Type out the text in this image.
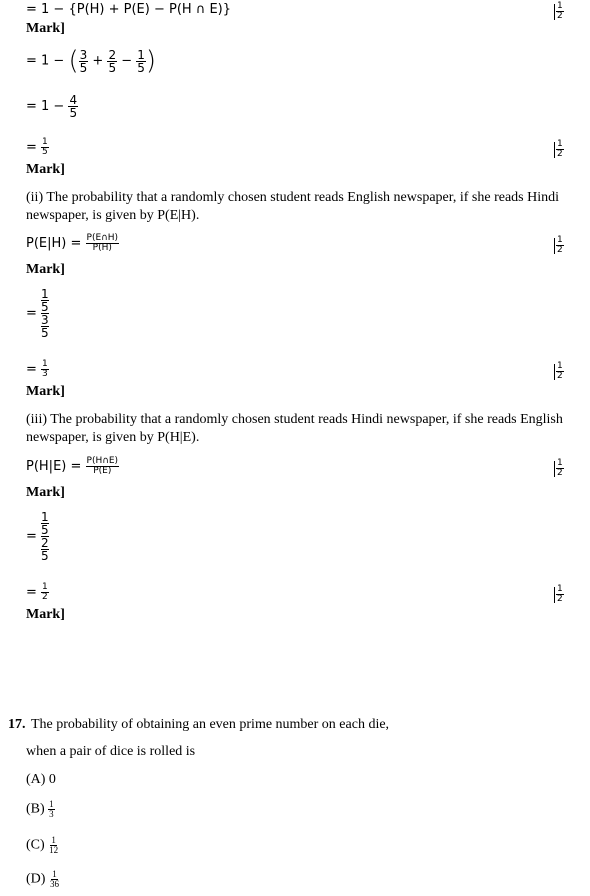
= 1 − {P(H) + P(E) − P(H ∩ E)}	$\frac{1}{2}$
Mark]
= 1 − ( $\frac{3}{5} + \frac{2}{5} - \frac{1}{5}$ )
= $1 - \frac{4}{5}$
= $\frac{1}{5}$	$\frac{1}{2}$
Mark]
(ii) The probability that a randomly chosen student reads English newspaper, if she reads Hindi newspaper, is given by P(E|H).
$P(E|H) = \frac{P(E\cap H)}{P(H)}$	$\frac{1}{2}$
Mark]
=
1
5
3
5
= $\frac{1}{3}$	$\frac{1}{2}$
Mark]
(iii) The probability that a randomly chosen student reads Hindi newspaper, if she reads English newspaper, is given by P(H|E).
$P(H|E) = \frac{P(H\cap E)}{P(E)}$	$\frac{1}{2}$
Mark]
=
1
5
2
5
= $\frac{1}{2}$	$\frac{1}{2}$
Mark]
17. The probability of obtaining an even prime number on each die,
when a pair of dice is rolled is
(A) 0
$(B) \frac{1}{3}$
$(C) \frac{1}{12}$
$(D) \frac{1}{36}$
